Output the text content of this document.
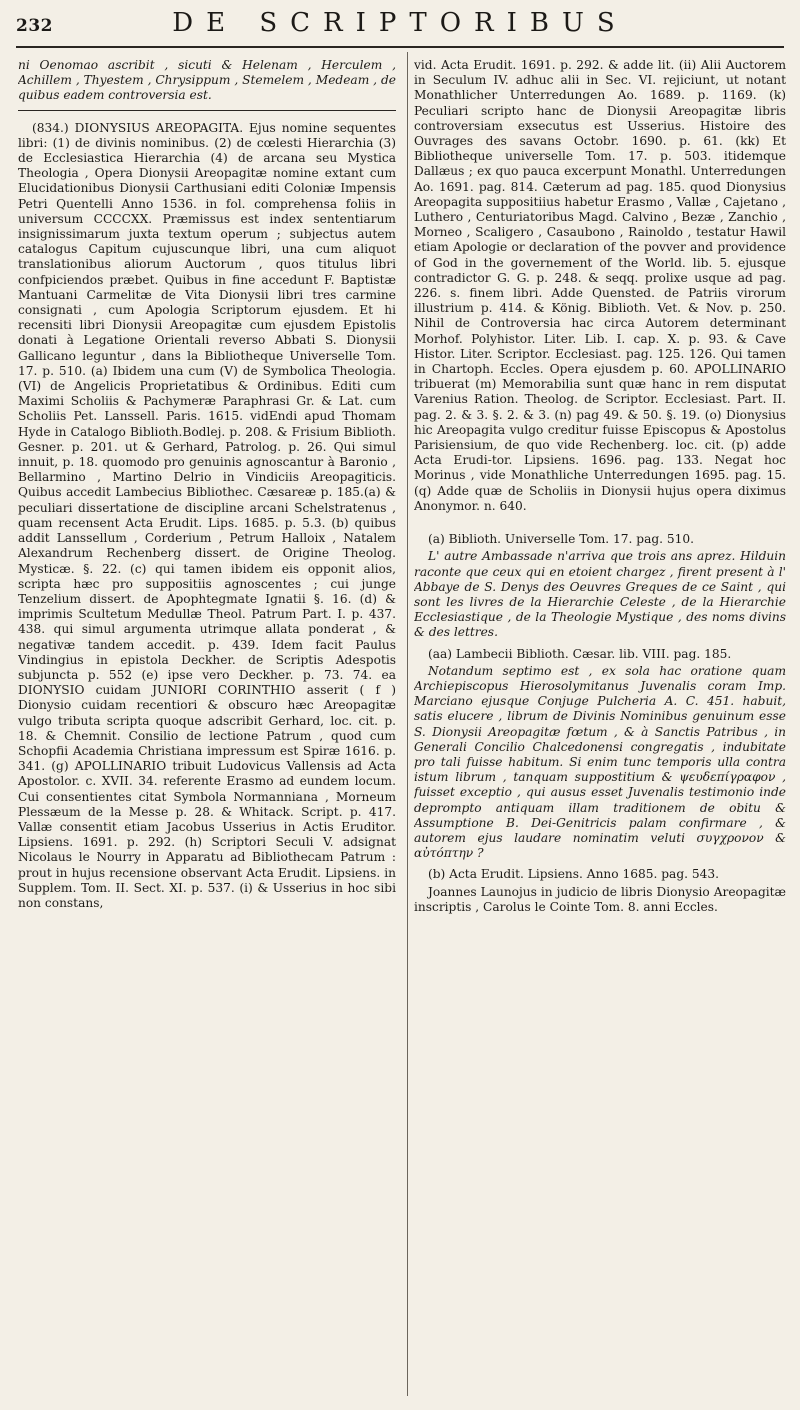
232	DE SCRIPTORIBUS

ni Oenomao ascribit , sicuti & Helenam , Herculem , Achillem , Thyestem , Chrysippum , Stemelem , Medeam , de quibus eadem controversia est.

(834.) DIONYSIUS AREOPAGITA. Ejus nomine sequentes libri: (1) de divinis nominibus. (2) de cœlesti Hierarchia (3) de Ecclesiastica Hierarchia (4) de arcana seu Mystica Theologia , Opera Dionysii Areopagitæ nomine extant cum Elucidationibus Dionysii Carthusiani editi Coloniæ Impensis Petri Quentelli Anno 1536. in fol. comprehensa foliis in universum CCCCXX. Præmissus est index sententiarum insignissimarum juxta textum operum ; subjectus autem catalogus Capitum cujuscunque libri, una cum aliquot translationibus aliorum Auctorum , quos titulus libri confpiciendos præbet. Quibus in fine accedunt F. Baptistæ Mantuani Carmelitæ de Vita Dionysii libri tres carmine consignati , cum Apologia Scriptorum ejusdem. Et hi recensiti libri Dionysii Areopagitæ cum ejusdem Epistolis donati à Legatione Orientali reverso Abbati S. Dionysii Gallicano leguntur , dans la Bibliotheque Universelle Tom. 17. p. 510. (a) Ibidem una cum (V) de Symbolica Theologia. (VI) de Angelicis Proprietatibus & Ordinibus. Editi cum Maximi Scholiis & Pachymeræ Paraphrasi Gr. & Lat. cum Scholiis Pet. Lanssell. Paris. 1615. vidEndi apud Thomam Hyde in Catalogo Biblioth.Bodlej. p. 208. & Frisium Biblioth. Gesner. p. 201. ut & Gerhard, Patrolog. p. 26. Qui simul innuit, p. 18. quomodo pro genuinis agnoscantur à Baronio , Bellarmino , Martino Delrio in Vindiciis Areopagiticis. Quibus accedit Lambecius Bibliothec. Cæsareæ p. 185.(a) & peculiari dissertatione de discipline arcani Schelstratenus , quam recensent Acta Erudit. Lips. 1685. p. 5.3. (b) quibus addit Lanssellum , Corderium , Petrum Halloix , Natalem Alexandrum Rechenberg dissert. de Origine Theolog. Mysticæ. §. 22. (c) qui tamen ibidem eis opponit alios, scripta hæc pro suppositiis agnoscentes ; cui junge Tenzelium dissert. de Apophtegmate Ignatii §. 16. (d) & imprimis Scultetum Medullæ Theol. Patrum Part. I. p. 437. 438. qui simul argumenta utrimque allata ponderat , & negativæ tandem accedit. p. 439. Idem facit Paulus Vindingius in epistola Deckher. de Scriptis Adespotis subjuncta p. 552 (e) ipse vero Deckher. p. 73. 74. ea DIONYSIO cuidam JUNIORI CORINTHIO asserit ( f ) Dionysio cuidam recentiori & obscuro hæc Areopagitæ vulgo tributa scripta quoque adscribit Gerhard, loc. cit. p. 18. & Chemnit. Consilio de lectione Patrum , quod cum Schopfii Academia Christiana impressum est Spiræ 1616. p. 341. (g) APOLLINARIO tribuit Ludovicus Vallensis ad Acta Apostolor. c. XVII. 34. referente Erasmo ad eundem locum. Cui consentientes citat Symbola Normanniana , Morneum Plessæum de la Messe p. 28. & Whitack. Script. p. 417. Vallæ consentit etiam Jacobus Usserius in Actis Eruditor. Lipsiens. 1691. p. 292. (h) Scriptori Seculi V. adsignat Nicolaus le Nourry in Apparatu ad Bibliothecam Patrum : prout in hujus recensione observant Acta Erudit. Lipsiens. in Supplem. Tom. II. Sect. XI. p. 537. (i) & Usserius in hoc sibi non constans,

vid. Acta Erudit. 1691. p. 292. & adde lit. (ii) Alii Auctorem in Seculum IV. adhuc alii in Sec. VI. rejiciunt, ut notant Monathlicher Unterredungen Ao. 1689. p. 1169. (k) Peculiari scripto hanc de Dionysii Areopagitæ libris controversiam exsecutus est Usserius. Histoire des Ouvrages des savans Octobr. 1690. p. 61. (kk) Et Bibliotheque universelle Tom. 17. p. 503. itidemque Dallæus ; ex quo pauca excerpunt Monathl. Unterredungen Ao. 1691. pag. 814. Cæterum ad pag. 185. quod Dionysius Areopagita suppositiius habetur Erasmo , Vallæ , Cajetano , Luthero , Centuriatoribus Magd. Calvino , Bezæ , Zanchio , Morneo , Scaligero , Casaubono , Rainoldo , testatur Hawil etiam Apologie or declaration of the povver and providence of God in the governement of the World. lib. 5. ejusque contradictor G. G. p. 248. & seqq. prolixe usque ad pag. 226. s. finem libri. Adde Quensted. de Patriis virorum illustrium p. 414. & König. Biblioth. Vet. & Nov. p. 250. Nihil de Controversia hac circa Autorem determinant Morhof. Polyhistor. Liter. Lib. I. cap. X. p. 93. & Cave Histor. Liter. Scriptor. Ecclesiast. pag. 125. 126. Qui tamen in Chartoph. Eccles. Opera ejusdem p. 60. APOLLINARIO tribuerat (m) Memorabilia sunt quæ hanc in rem disputat Varenius Ration. Theolog. de Scriptor. Ecclesiast. Part. II. pag. 2. & 3. §. 2. & 3. (n) pag 49. & 50. §. 19. (o) Dionysius hic Areopagita vulgo creditur fuisse Episcopus & Apostolus Parisiensium, de quo vide Rechenberg. loc. cit. (p) adde Acta Erudi-tor. Lipsiens. 1696. pag. 133. Negat hoc Morinus , vide Monathliche Unterredungen 1695. pag. 15. (q) Adde quæ de Scholiis in Dionysii hujus opera diximus Anonymor. n. 640.

(a) Biblioth. Universelle Tom. 17. pag. 510.

L' autre Ambassade n'arriva que trois ans aprez. Hilduin raconte que ceux qui en etoient chargez , firent present à l' Abbaye de S. Denys des Oeuvres Greques de ce Saint , qui sont les livres de la Hierarchie Celeste , de la Hierarchie Ecclesiastique , de la Theologie Mystique , des noms divins & des lettres.

(aa) Lambecii Biblioth. Cæsar. lib. VIII. pag. 185.

Notandum septimo est , ex sola hac oratione quam Archiepiscopus Hierosolymitanus Juvenalis coram Imp. Marciano ejusque Conjuge Pulcheria A. C. 451. habuit, satis elucere , librum de Divinis Nominibus genuinum esse S. Dionysii Areopagitæ fœtum , & à Sanctis Patribus , in Generali Concilio Chalcedonensi congregatis , indubitate pro tali fuisse habitum. Si enim tunc temporis ulla contra istum librum , tanquam suppostitium & ψευδεπίγραφον , fuisset exceptio , qui ausus esset Juvenalis testimonio inde deprompto antiquam illam traditionem de obitu & Assumptione B. Dei-Genitricis palam confirmare , & autorem ejus laudare nominatim veluti συγχρονον & αὐτόπτην ?

(b) Acta Erudit. Lipsiens. Anno 1685. pag. 543.

Joannes Launojus in judicio de libris Dionysio Areopagitæ inscriptis , Carolus le Cointe Tom. 8. anni Eccles.
